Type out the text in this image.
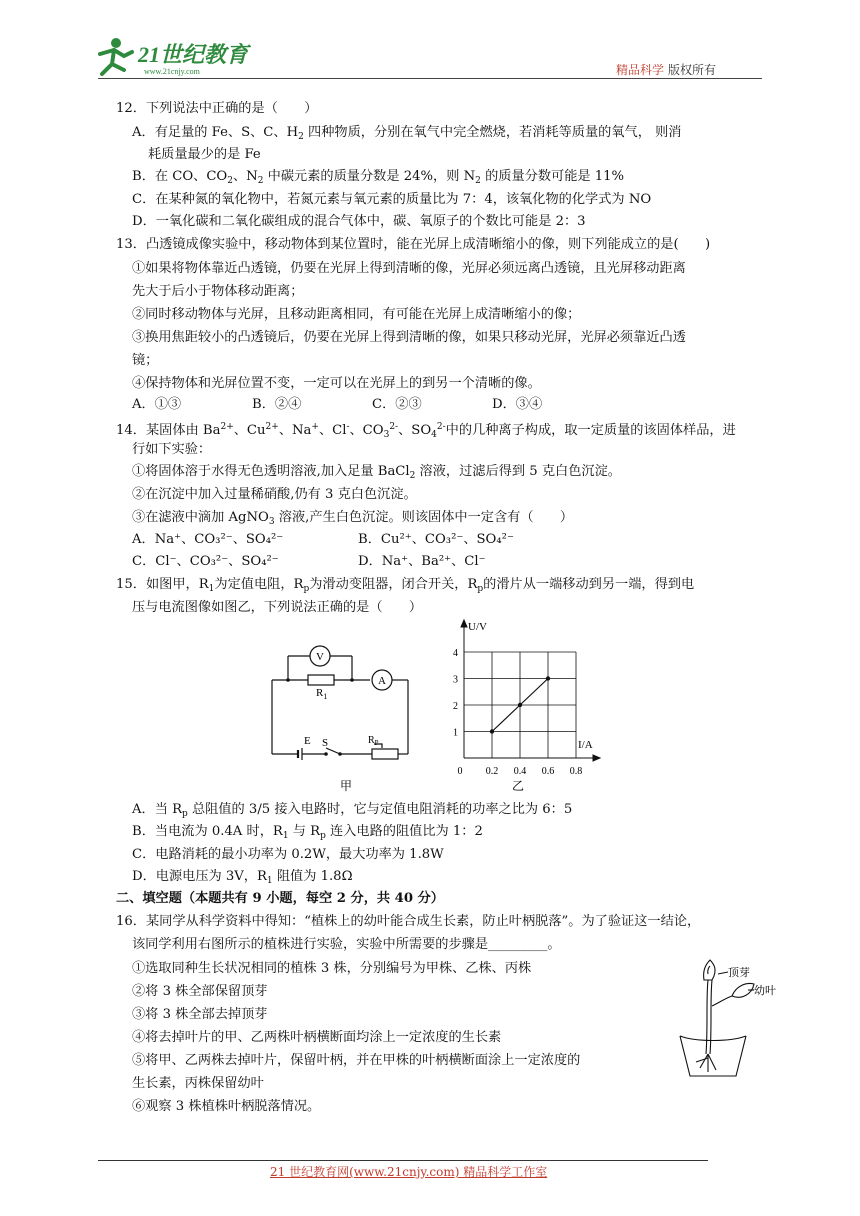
21世纪教育
www.21cnjy.com	精品科学 版权所有
12．下列说法中正确的是（　　）
A．有足量的 Fe、S、C、$H_2$ 四种物质，分别在氧气中完全燃烧，若消耗等质量的氧气， 则消
耗质量最少的是 Fe
B．在 CO、$CO_2$、$N_2$ 中碳元素的质量分数是 24%，则 $N_2$ 的质量分数可能是 11%
C．在某种氮的氧化物中，若氮元素与氧元素的质量比为 7：4，该氧化物的化学式为 NO
D．一氧化碳和二氧化碳组成的混合气体中，碳、氧原子的个数比可能是 2：3
13．凸透镜成像实验中，移动物体到某位置时，能在光屏上成清晰缩小的像，则下列能成立的是(　　)
①如果将物体靠近凸透镜，仍要在光屏上得到清晰的像，光屏必须远离凸透镜，且光屏移动距离
先大于后小于物体移动距离；
②同时移动物体与光屏，且移动距离相同，有可能在光屏上成清晰缩小的像；
③换用焦距较小的凸透镜后，仍要在光屏上得到清晰的像，如果只移动光屏，光屏必须靠近凸透
镜；
④保持物体和光屏位置不变，一定可以在光屏上的到另一个清晰的像。
A．①③	B．②④	C．②③	D．③④
14．某固体由 $Ba^{2+}$、$Cu^{2+}$、Na+、Cl-、$CO_3^{2-}$、$SO_4^{2-}$中的几种离子构成，取一定质量的该固体样品，进
行如下实验：
①将固体溶于水得无色透明溶液,加入足量 BaCl$_2$ 溶液，过滤后得到 5 克白色沉淀。
②在沉淀中加入过量稀硝酸,仍有 3 克白色沉淀。
③在滤液中滴加 AgNO$_3$ 溶液,产生白色沉淀。则该固体中一定含有（　　）
A．Na⁺、CO₃²⁻、SO₄²⁻	B．Cu²⁺、CO₃²⁻、SO₄²⁻
C．Cl⁻、CO₃²⁻、SO₄²⁻	D．Na⁺、Ba²⁺、Cl⁻
15．如图甲，$R_1$为定值电阻，$R_p$为滑动变阻器，闭合开关，$R_p$的滑片从一端移动到另一端，得到电
压与电流图像如图乙，下列说法正确的是（　　）
V
A
$R_1$
E S	$R_P$
甲
0 0.2 0.4 0.6 0.8
1
2
3
4
U/V
I/A
乙
A．当 $R_p$ 总阻值的 3/5 接入电路时，它与定值电阻消耗的功率之比为 6：5
B．当电流为 0.4A 时，$R_1$ 与 $R_p$ 连入电路的阻值比为 1：2
C．电路消耗的最小功率为 0.2W，最大功率为 1.8W
D．电源电压为 3V，$R_1$ 阻值为 1.8Ω
二、填空题（本题共有 9 小题，每空 2 分，共 40 分）
16．某同学从科学资料中得知：“植株上的幼叶能合成生长素，防止叶柄脱落”。为了验证这一结论，
该同学利用右图所示的植株进行实验，实验中所需要的步骤是_________。
①选取同种生长状况相同的植株 3 株，分别编号为甲株、乙株、丙株
②将 3 株全部保留顶芽
③将 3 株全部去掉顶芽
④将去掉叶片的甲、乙两株叶柄横断面均涂上一定浓度的生长素
⑤将甲、乙两株去掉叶片，保留叶柄，并在甲株的叶柄横断面涂上一定浓度的
生长素，丙株保留幼叶
⑥观察 3 株植株叶柄脱落情况。
顶芽
幼叶
21 世纪教育网(www.21cnjy.com) 精品科学工作室
